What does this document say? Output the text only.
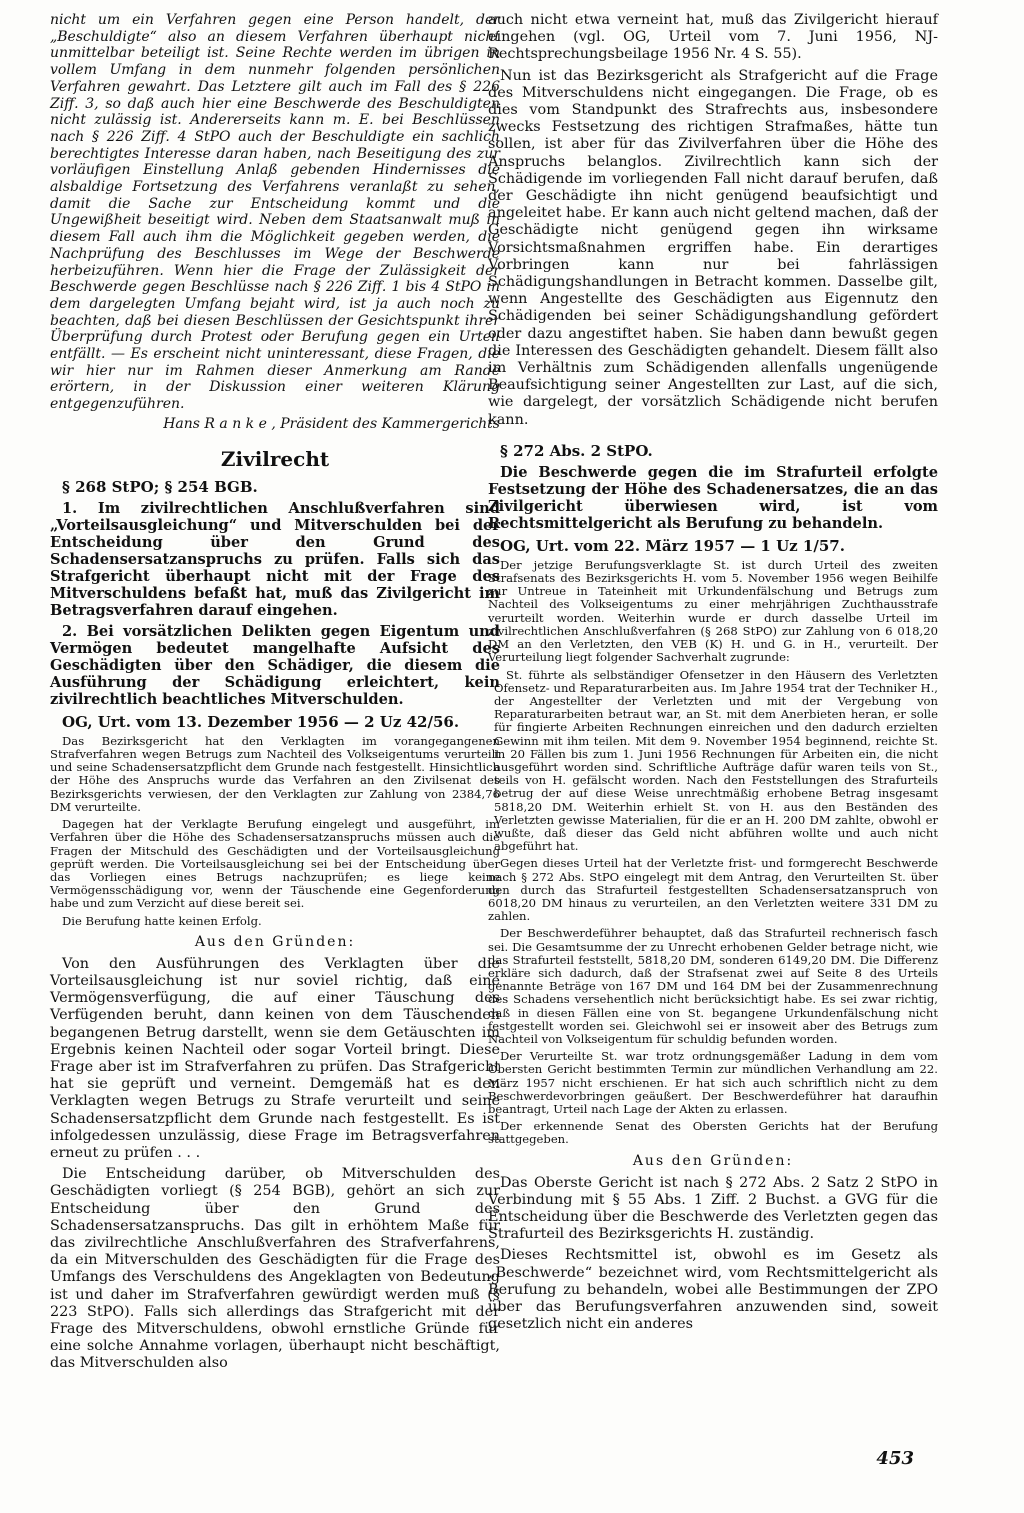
nicht um ein Verfahren gegen eine Person handelt, der „Beschuldigte“ also an diesem Verfahren überhaupt nicht unmittelbar beteiligt ist. Seine Rechte werden im übrigen in vollem Umfang in dem nunmehr folgenden persönlichen Verfahren gewahrt. Das Letztere gilt auch im Fall des § 226 Ziff. 3, so daß auch hier eine Beschwerde des Beschuldigten nicht zulässig ist. Andererseits kann m. E. bei Beschlüssen nach § 226 Ziff. 4 StPO auch der Beschuldigte ein sachlich berechtigtes Interesse daran haben, nach Beseitigung des zur vorläufigen Einstellung Anlaß gebenden Hindernisses die alsbaldige Fortsetzung des Verfahrens veranlaßt zu sehen, damit die Sache zur Entscheidung kommt und die Ungewißheit beseitigt wird. Neben dem Staatsanwalt muß in diesem Fall auch ihm die Möglichkeit gegeben werden, die Nachprüfung des Beschlusses im Wege der Beschwerde herbeizuführen. Wenn hier die Frage der Zulässigkeit der Beschwerde gegen Beschlüsse nach § 226 Ziff. 1 bis 4 StPO in dem dargelegten Umfang bejaht wird, ist ja auch noch zu beachten, daß bei diesen Beschlüssen der Gesichtspunkt ihrer Überprüfung durch Protest oder Berufung gegen ein Urteil entfällt. — Es erscheint nicht uninteressant, diese Fragen, die wir hier nur im Rahmen dieser Anmerkung am Rande erörtern, in der Diskussion einer weiteren Klärung entgegenzuführen.

Hans R a n k e , Präsident des Kammergerichts

Zivilrecht

§ 268 StPO; § 254 BGB.

1. Im zivilrechtlichen Anschlußverfahren sind „Vorteilsausgleichung“ und Mitverschulden bei der Entscheidung über den Grund des Schadensersatzanspruchs zu prüfen. Falls sich das Strafgericht überhaupt nicht mit der Frage des Mitverschuldens befaßt hat, muß das Zivilgericht im Betragsverfahren darauf eingehen.

2. Bei vorsätzlichen Delikten gegen Eigentum und Vermögen bedeutet mangelhafte Aufsicht des Geschädigten über den Schädiger, die diesem die Ausführung der Schädigung erleichtert, kein zivilrechtlich beachtliches Mitverschulden.

OG, Urt. vom 13. Dezember 1956 — 2 Uz 42/56.

Das Bezirksgericht hat den Verklagten im vorangegangenen Strafverfahren wegen Betrugs zum Nachteil des Volkseigentums verurteilt und seine Schadensersatzpflicht dem Grunde nach festgestellt. Hinsichtlich der Höhe des Anspruchs wurde das Verfahren an den Zivilsenat des Bezirksgerichts verwiesen, der den Verklagten zur Zahlung von 2384,76 DM verurteilte.

Dagegen hat der Verklagte Berufung eingelegt und ausgeführt, im Verfahren über die Höhe des Schadensersatzanspruchs müssen auch die Fragen der Mitschuld des Geschädigten und der Vorteilsausgleichung geprüft werden. Die Vorteilsausgleichung sei bei der Entscheidung über das Vorliegen eines Betrugs nachzuprüfen; es liege keine Vermögensschädigung vor, wenn der Täuschende eine Gegenforderung habe und zum Verzicht auf diese bereit sei.

Die Berufung hatte keinen Erfolg.

Aus den Gründen:

Von den Ausführungen des Verklagten über die Vorteilsausgleichung ist nur soviel richtig, daß eine Vermögensverfügung, die auf einer Täuschung des Verfügenden beruht, dann keinen von dem Täuschenden begangenen Betrug darstellt, wenn sie dem Getäuschten im Ergebnis keinen Nachteil oder sogar Vorteil bringt. Diese Frage aber ist im Strafverfahren zu prüfen. Das Strafgericht hat sie geprüft und verneint. Demgemäß hat es den Verklagten wegen Betrugs zu Strafe verurteilt und seine Schadensersatzpflicht dem Grunde nach festgestellt. Es ist infolgedessen unzulässig, diese Frage im Betragsverfahren erneut zu prüfen . . .

Die Entscheidung darüber, ob Mitverschulden des Geschädigten vorliegt (§ 254 BGB), gehört an sich zur Entscheidung über den Grund des Schadensersatzanspruchs. Das gilt in erhöhtem Maße für das zivilrechtliche Anschlußverfahren des Strafverfahrens, da ein Mitverschulden des Geschädigten für die Frage des Umfangs des Verschuldens des Angeklagten von Bedeutung ist und daher im Strafverfahren gewürdigt werden muß (§ 223 StPO). Falls sich allerdings das Strafgericht mit der Frage des Mitverschuldens, obwohl ernstliche Gründe für eine solche Annahme vorlagen, überhaupt nicht beschäftigt, das Mitverschulden also

auch nicht etwa verneint hat, muß das Zivilgericht hierauf eingehen (vgl. OG, Urteil vom 7. Juni 1956, NJ-Rechtsprechungsbeilage 1956 Nr. 4 S. 55).

Nun ist das Bezirksgericht als Strafgericht auf die Frage des Mitverschuldens nicht eingegangen. Die Frage, ob es dies vom Standpunkt des Strafrechts aus, insbesondere zwecks Festsetzung des richtigen Strafmaßes, hätte tun sollen, ist aber für das Zivilverfahren über die Höhe des Anspruchs belanglos. Zivilrechtlich kann sich der Schädigende im vorliegenden Fall nicht darauf berufen, daß der Geschädigte ihn nicht genügend beaufsichtigt und angeleitet habe. Er kann auch nicht geltend machen, daß der Geschädigte nicht genügend gegen ihn wirksame Vorsichtsmaßnahmen ergriffen habe. Ein derartiges Vorbringen kann nur bei fahrlässigen Schädigungshandlungen in Betracht kommen. Dasselbe gilt, wenn Angestellte des Geschädigten aus Eigennutz den Schädigenden bei seiner Schädigungshandlung gefördert oder dazu angestiftet haben. Sie haben dann bewußt gegen die Interessen des Geschädigten gehandelt. Diesem fällt also im Verhältnis zum Schädigenden allenfalls ungenügende Beaufsichtigung seiner Angestellten zur Last, auf die sich, wie dargelegt, der vorsätzlich Schädigende nicht berufen kann.

§ 272 Abs. 2 StPO.

Die Beschwerde gegen die im Strafurteil erfolgte Festsetzung der Höhe des Schadenersatzes, die an das Zivilgericht überwiesen wird, ist vom Rechtsmittelgericht als Berufung zu behandeln.

OG, Urt. vom 22. März 1957 — 1 Uz 1/57.

Der jetzige Berufungsverklagte St. ist durch Urteil des zweiten Strafsenats des Bezirksgerichts H. vom 5. November 1956 wegen Beihilfe zur Untreue in Tateinheit mit Urkundenfälschung und Betrugs zum Nachteil des Volkseigentums zu einer mehrjährigen Zuchthausstrafe verurteilt worden. Weiterhin wurde er durch dasselbe Urteil im zivilrechtlichen Anschlußverfahren (§ 268 StPO) zur Zahlung von 6 018,20 DM an den Verletzten, den VEB (K) H. und G. in H., verurteilt. Der Verurteilung liegt folgender Sachverhalt zugrunde:

St. führte als selbständiger Ofensetzer in den Häusern des Verletzten Ofensetz- und Reparaturarbeiten aus. Im Jahre 1954 trat der Techniker H., der Angestellter der Verletzten und mit der Vergebung von Reparaturarbeiten betraut war, an St. mit dem Anerbieten heran, er solle für fingierte Arbeiten Rechnungen einreichen und den dadurch erzielten Gewinn mit ihm teilen. Mit dem 9. November 1954 beginnend, reichte St. in 20 Fällen bis zum 1. Juni 1956 Rechnungen für Arbeiten ein, die nicht ausgeführt worden sind. Schriftliche Aufträge dafür waren teils von St., teils von H. gefälscht worden. Nach den Feststellungen des Strafurteils betrug der auf diese Weise unrechtmäßig erhobene Betrag insgesamt 5818,20 DM. Weiterhin erhielt St. von H. aus den Beständen des Verletzten gewisse Materialien, für die er an H. 200 DM zahlte, obwohl er wußte, daß dieser das Geld nicht abführen wollte und auch nicht abgeführt hat.

Gegen dieses Urteil hat der Verletzte frist- und formgerecht Beschwerde nach § 272 Abs. StPO eingelegt mit dem Antrag, den Verurteilten St. über den durch das Strafurteil festgestellten Schadensersatzanspruch von 6018,20 DM hinaus zu verurteilen, an den Verletzten weitere 331 DM zu zahlen.

Der Beschwerdeführer behauptet, daß das Strafurteil rechnerisch fasch sei. Die Gesamtsumme der zu Unrecht erhobenen Gelder betrage nicht, wie das Strafurteil feststellt, 5818,20 DM, sonderen 6149,20 DM. Die Differenz erkläre sich dadurch, daß der Strafsenat zwei auf Seite 8 des Urteils genannte Beträge von 167 DM und 164 DM bei der Zusammenrechnung des Schadens versehentlich nicht berücksichtigt habe. Es sei zwar richtig, daß in diesen Fällen eine von St. begangene Urkundenfälschung nicht festgestellt worden sei. Gleichwohl sei er insoweit aber des Betrugs zum Nachteil von Volkseigentum für schuldig befunden worden.

Der Verurteilte St. war trotz ordnungsgemäßer Ladung in dem vom Obersten Gericht bestimmten Termin zur mündlichen Verhandlung am 22. März 1957 nicht erschienen. Er hat sich auch schriftlich nicht zu dem Beschwerdevorbringen geäußert. Der Beschwerdeführer hat daraufhin beantragt, Urteil nach Lage der Akten zu erlassen.

Der erkennende Senat des Obersten Gerichts hat der Berufung stattgegeben.

Aus den Gründen:

Das Oberste Gericht ist nach § 272 Abs. 2 Satz 2 StPO in Verbindung mit § 55 Abs. 1 Ziff. 2 Buchst. a GVG für die Entscheidung über die Beschwerde des Verletzten gegen das Strafurteil des Bezirksgerichts H. zuständig.

Dieses Rechtsmittel ist, obwohl es im Gesetz als „Beschwerde“ bezeichnet wird, vom Rechtsmittelgericht als Berufung zu behandeln, wobei alle Bestimmungen der ZPO über das Berufungsverfahren anzuwenden sind, soweit gesetzlich nicht ein anderes

453
